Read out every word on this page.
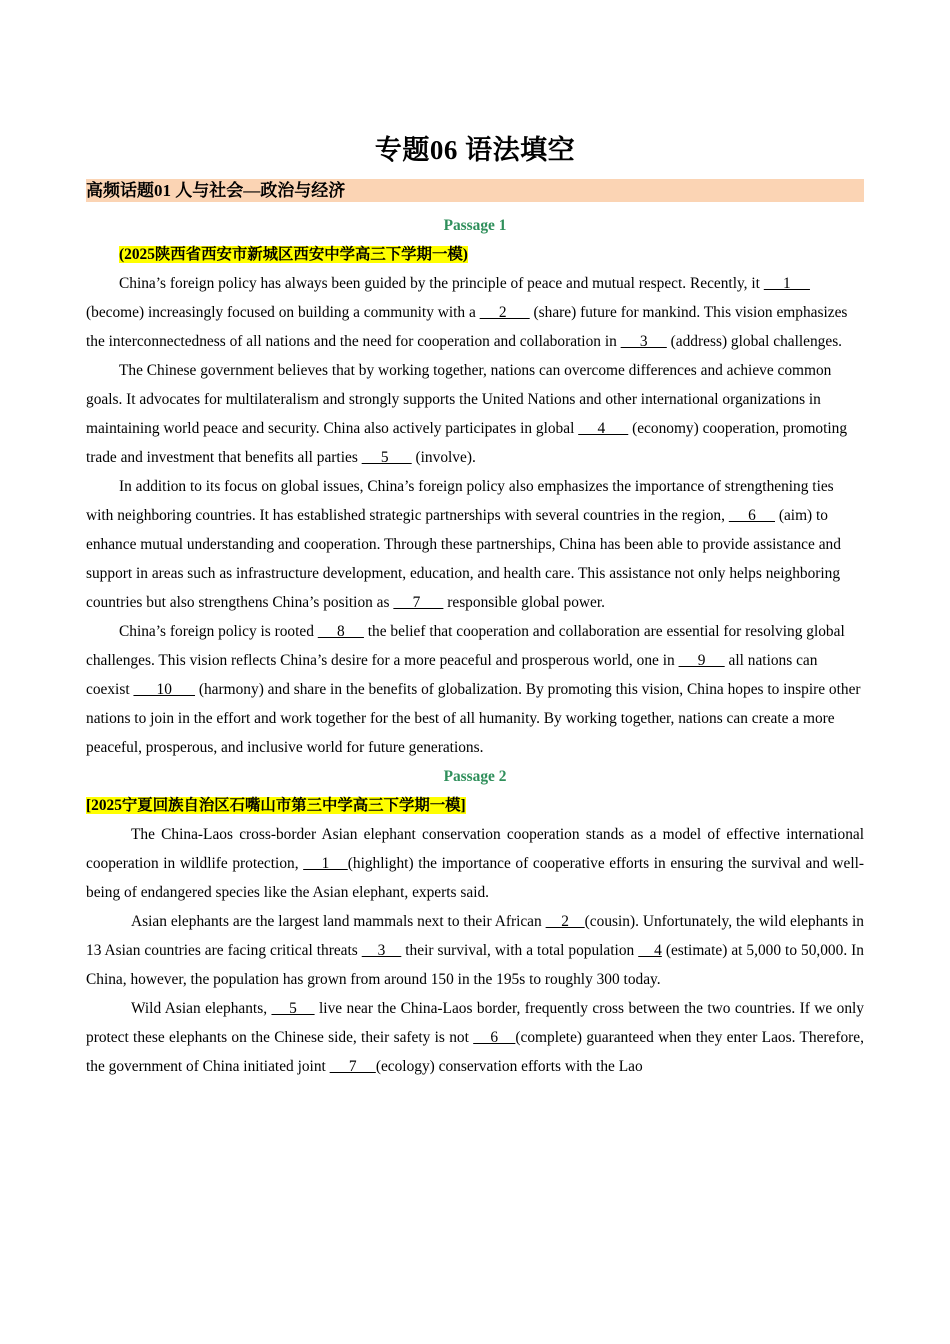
专题06 语法填空
高频话题01 人与社会—政治与经济
Passage 1
(2025陕西省西安市新城区西安中学高三下学期一模)

China’s foreign policy has always been guided by the principle of peace and mutual respect. Recently, it      1      (become) increasingly focused on building a community with a      2       (share) future for mankind. This vision emphasizes the interconnectedness of all nations and the need for cooperation and collaboration in      3      (address) global challenges.

The Chinese government believes that by working together, nations can overcome differences and achieve common goals. It advocates for multilateralism and strongly supports the United Nations and other international organizations in maintaining world peace and security. China also actively participates in global      4       (economy) cooperation, promoting trade and investment that benefits all parties      5       (involve).

In addition to its focus on global issues, China’s foreign policy also emphasizes the importance of strengthening ties with neighboring countries. It has established strategic partnerships with several countries in the region,      6      (aim) to enhance mutual understanding and cooperation. Through these partnerships, China has been able to provide assistance and support in areas such as infrastructure development, education, and health care. This assistance not only helps neighboring countries but also strengthens China’s position as      7       responsible global power.

China’s foreign policy is rooted      8      the belief that cooperation and collaboration are essential for resolving global challenges. This vision reflects China’s desire for a more peaceful and prosperous world, one in      9      all nations can coexist       10       (harmony) and share in the benefits of globalization. By promoting this vision, China hopes to inspire other nations to join in the effort and work together for the best of all humanity. By working together, nations can create a more peaceful, prosperous, and inclusive world for future generations.

Passage 2
[2025宁夏回族自治区石嘴山市第三中学高三下学期一模]

The China-Laos cross-border Asian elephant conservation cooperation stands as a model of effective international cooperation in wildlife protection,     1    (highlight) the importance of cooperative efforts in ensuring the survival and well-being of endangered species like the Asian elephant, experts said.

Asian elephants are the largest land mammals next to their African     2    (cousin). Unfortunately, the wild elephants in 13 Asian countries are facing critical threats     3     their survival, with a total population     4 (estimate) at 5,000 to 50,000. In China, however, the population has grown from around 150 in the 195s to roughly 300 today.

Wild Asian elephants,     5     live near the China-Laos border, frequently cross between the two countries. If we only protect these elephants on the Chinese side, their safety is not     6    (complete) guaranteed when they enter Laos. Therefore, the government of China initiated joint      7     (ecology) conservation efforts with the Lao
